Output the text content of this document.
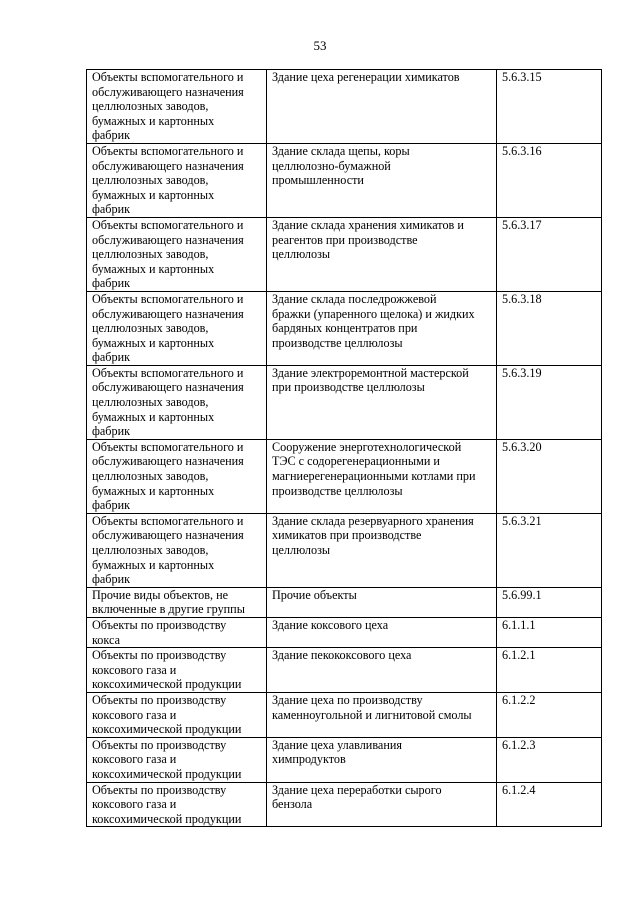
53
Объекты вспомогательного и
обслуживающего назначения
целлюлозных заводов,
бумажных и картонных
фабрик	Здание цеха регенерации химикатов	5.6.3.15

Объекты вспомогательного и
обслуживающего назначения
целлюлозных заводов,
бумажных и картонных
фабрик	Здание склада щепы, коры
целлюлозно-бумажной
промышленности	5.6.3.16

Объекты вспомогательного и
обслуживающего назначения
целлюлозных заводов,
бумажных и картонных
фабрик	Здание склада хранения химикатов и
реагентов при производстве
целлюлозы	5.6.3.17

Объекты вспомогательного и
обслуживающего назначения
целлюлозных заводов,
бумажных и картонных
фабрик	Здание склада последрожжевой
бражки (упаренного щелока) и жидких
бардяных концентратов при
производстве целлюлозы	5.6.3.18

Объекты вспомогательного и
обслуживающего назначения
целлюлозных заводов,
бумажных и картонных
фабрик	Здание электроремонтной мастерской
при производстве целлюлозы	5.6.3.19

Объекты вспомогательного и
обслуживающего назначения
целлюлозных заводов,
бумажных и картонных
фабрик	Сооружение энерготехнологической
ТЭС с содорегенерационными и
магниерегенерационными котлами при
производстве целлюлозы	5.6.3.20

Объекты вспомогательного и
обслуживающего назначения
целлюлозных заводов,
бумажных и картонных
фабрик	Здание склада резервуарного хранения
химикатов при производстве
целлюлозы	5.6.3.21

Прочие виды объектов, не
включенные в другие группы	Прочие объекты	5.6.99.1

Объекты по производству
кокса	Здание коксового цеха	6.1.1.1

Объекты по производству
коксового газа и
коксохимической продукции	Здание пекококсового цеха	6.1.2.1

Объекты по производству
коксового газа и
коксохимической продукции	Здание цеха по производству
каменноугольной и лигнитовой смолы	6.1.2.2

Объекты по производству
коксового газа и
коксохимической продукции	Здание цеха улавливания
химпродуктов	6.1.2.3

Объекты по производству
коксового газа и
коксохимической продукции	Здание цеха переработки сырого
бензола	6.1.2.4
